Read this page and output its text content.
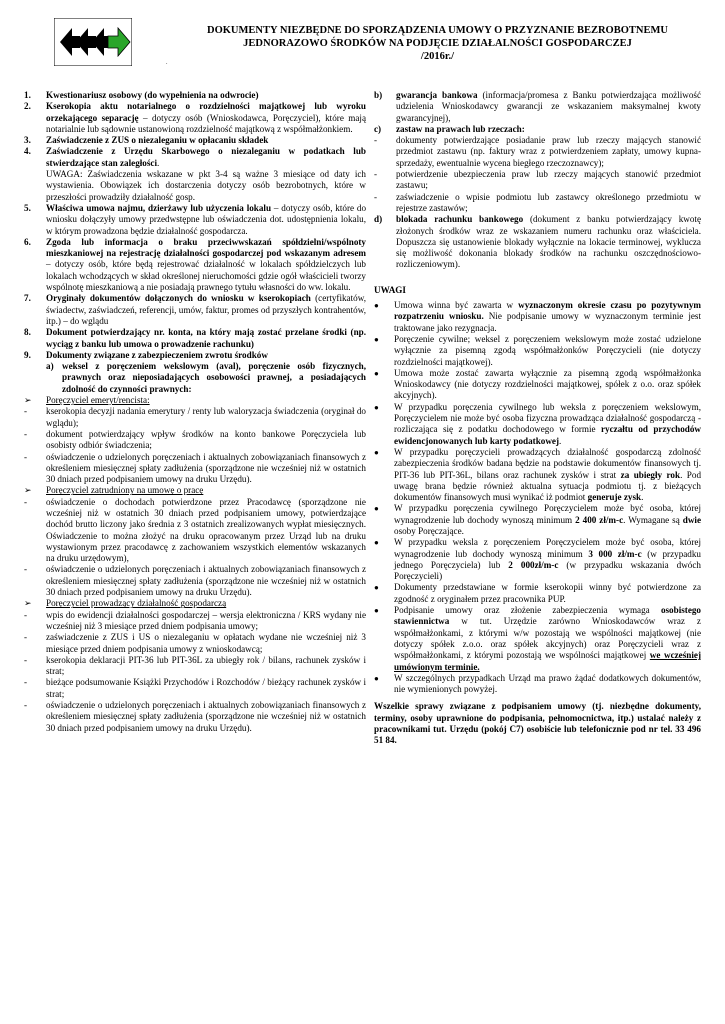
DOKUMENTY NIEZBĘDNE DO SPORZĄDZENIA UMOWY O PRZYZNANIE BEZROBOTNEMU
JEDNORAZOWO ŚRODKÓW NA PODJĘCIE DZIAŁALNOŚCI GOSPODARCZEJ
/2016r./
.
1.	Kwestionariusz osobowy (do wypełnienia na odwrocie)
2.	Kserokopia aktu notarialnego o rozdzielności majątkowej lub wyroku orzekającego separację – dotyczy osób (Wnioskodawca, Poręczyciel), które mają notarialnie lub sądownie ustanowioną rozdzielność majątkową z współmałżonkiem.
3.	Zaświadczenie z ZUS o niezaleganiu w opłacaniu składek
4.	Zaświadczenie z Urzędu Skarbowego o niezaleganiu w podatkach lub stwierdzające stan zaległości.
UWAGA: Zaświadczenia wskazane w pkt 3-4 są ważne 3 miesiące od daty ich wystawienia. Obowiązek ich dostarczenia dotyczy osób bezrobotnych, które w przeszłości prowadziły działalność gosp.
5.	Właściwa umowa najmu, dzierżawy lub użyczenia lokalu – dotyczy osób, które do wniosku dołączyły umowy przedwstępne lub oświadczenia dot. udostępnienia lokalu, w którym prowadzona będzie działalność gospodarcza.
6.	Zgoda lub informacja o braku przeciwwskazań spółdzielni/wspólnoty mieszkaniowej na rejestrację działalności gospodarczej pod wskazanym adresem – dotyczy osób, które będą rejestrować działalność w lokalach spółdzielczych lub lokalach wchodzących w skład określonej nieruchomości gdzie ogół właścicieli tworzy wspólnotę mieszkaniową a nie posiadają prawnego tytułu własności do ww. lokalu.
7.	Oryginały dokumentów dołączonych do wniosku w kserokopiach (certyfikatów, świadectw, zaświadczeń, referencji, umów, faktur, promes od przyszłych kontrahentów, itp.) – do wglądu
8.	Dokument potwierdzający nr. konta, na który mają zostać przelane środki (np. wyciąg z banku lub umowa o prowadzenie rachunku)
9.	Dokumenty związane z zabezpieczeniem zwrotu środków
a) weksel z poręczeniem wekslowym (aval), poręczenie osób fizycznych, prawnych oraz nieposiadających osobowości prawnej, a posiadających zdolność do czynności prawnych:
➢	Poręczyciel emeryt/rencista:
-	kserokopia decyzji nadania emerytury / renty lub waloryzacja świadczenia (oryginał do wglądu);
-	dokument potwierdzający wpływ środków na konto bankowe Poręczyciela lub osobisty odbiór świadczenia;
-	oświadczenie o udzielonych poręczeniach i aktualnych zobowiązaniach finansowych z określeniem miesięcznej spłaty zadłużenia (sporządzone nie wcześniej niż w ostatnich 30 dniach przed podpisaniem umowy na druku Urzędu).
➢	Poręczyciel zatrudniony na umowę o pracę
-	oświadczenie o dochodach potwierdzone przez Pracodawcę (sporządzone nie wcześniej niż w ostatnich 30 dniach przed podpisaniem umowy, potwierdzające dochód brutto liczony jako średnia z 3 ostatnich zrealizowanych wypłat miesięcznych. Oświadczenie to można złożyć na druku opracowanym przez Urząd lub na druku wystawionym przez pracodawcę z zachowaniem wszystkich elementów wskazanych na druku urzędowym),
-	oświadczenie o udzielonych poręczeniach i aktualnych zobowiązaniach finansowych z określeniem miesięcznej spłaty zadłużenia (sporządzone nie wcześniej niż w ostatnich 30 dniach przed podpisaniem umowy na druku Urzędu).
➢	Poręczyciel prowadzący działalność gospodarczą
-	wpis do ewidencji działalności gospodarczej – wersja elektroniczna / KRS wydany nie wcześniej niż 3 miesiące przed dniem podpisania umowy;
-	zaświadczenie z ZUS i US o niezaleganiu w opłatach wydane nie wcześniej niż 3 miesiące przed dniem podpisania umowy z wnioskodawcą;
-	kserokopia deklaracji PIT-36 lub PIT-36L za ubiegły rok / bilans, rachunek zysków i strat;
-	bieżące podsumowanie Książki Przychodów i Rozchodów / bieżący rachunek zysków i strat;
-	oświadczenie o udzielonych poręczeniach i aktualnych zobowiązaniach finansowych z określeniem miesięcznej spłaty zadłużenia (sporządzone nie wcześniej niż w ostatnich 30 dniach przed podpisaniem umowy na druku Urzędu).
b)	gwarancja bankowa (informacja/promesa z Banku potwierdzająca możliwość udzielenia Wnioskodawcy gwarancji ze wskazaniem maksymalnej kwoty gwarancyjnej),
c)	zastaw na prawach lub rzeczach:
-	dokumenty potwierdzające posiadanie praw lub rzeczy mających stanowić przedmiot zastawu (np. faktury wraz z potwierdzeniem zapłaty, umowy kupna-sprzedaży, ewentualnie wycena biegłego rzeczoznawcy);
-	potwierdzenie ubezpieczenia praw lub rzeczy mających stanowić przedmiot zastawu;
-	zaświadczenie o wpisie podmiotu lub zastawcy określonego przedmiotu w rejestrze zastawów;
d)	blokada rachunku bankowego (dokument z banku potwierdzający kwotę złożonych środków wraz ze wskazaniem numeru rachunku oraz właściciela. Dopuszcza się ustanowienie blokady wyłącznie na lokacie terminowej, wyklucza się możliwość dokonania blokady środków na rachunku oszczędnościowo-rozliczeniowym).
UWAGI
●	Umowa winna być zawarta w wyznaczonym okresie czasu po pozytywnym rozpatrzeniu wniosku. Nie podpisanie umowy w wyznaczonym terminie jest traktowane jako rezygnacja.
●	Poręczenie cywilne; weksel z poręczeniem wekslowym może zostać udzielone wyłącznie za pisemną zgodą współmałżonków Poręczycieli (nie dotyczy rozdzielności majątkowej).
●	Umowa może zostać zawarta wyłącznie za pisemną zgodą współmałżonka Wnioskodawcy (nie dotyczy rozdzielności majątkowej, spółek z o.o. oraz spółek akcyjnych).
●	W przypadku poręczenia cywilnego lub weksla z poręczeniem wekslowym, Poręczycielem nie może być osoba fizyczna prowadząca działalność gospodarczą - rozliczająca się z podatku dochodowego w formie ryczałtu od przychodów ewidencjonowanych lub karty podatkowej.
●	W przypadku poręczycieli prowadzących działalność gospodarczą zdolność zabezpieczenia środków badana będzie na podstawie dokumentów finansowych tj. PIT-36 lub PIT-36L, bilans oraz rachunek zysków i strat za ubiegły rok. Pod uwagę brana będzie również aktualna sytuacja podmiotu tj. z bieżących dokumentów finansowych musi wynikać iż podmiot generuje zysk.
●	W przypadku poręczenia cywilnego Poręczycielem może być osoba, której wynagrodzenie lub dochody wynoszą minimum 2 400 zł/m-c. Wymagane są dwie osoby Poręczające.
●	W przypadku weksla z poręczeniem Poręczycielem może być osoba, której wynagrodzenie lub dochody wynoszą minimum 3 000 zł/m-c (w przypadku jednego Poręczyciela) lub 2 000zł/m-c (w przypadku wskazania dwóch Poręczycieli)
●	Dokumenty przedstawiane w formie kserokopii winny być potwierdzone za zgodność z oryginałem przez pracownika PUP.
●	Podpisanie umowy oraz złożenie zabezpieczenia wymaga osobistego stawiennictwa w tut. Urzędzie zarówno Wnioskodawców wraz z współmałżonkami, z którymi w/w pozostają we wspólności majątkowej (nie dotyczy spółek z.o.o. oraz spółek akcyjnych) oraz Poręczycieli wraz z współmałżonkami, z którymi pozostają we wspólności majątkowej we wcześniej umówionym terminie.
●	W szczególnych przypadkach Urząd ma prawo żądać dodatkowych dokumentów, nie wymienionych powyżej.
Wszelkie sprawy związane z podpisaniem umowy (tj. niezbędne dokumenty, terminy, osoby uprawnione do podpisania, pełnomocnictwa, itp.) ustalać należy z pracownikami tut. Urzędu (pokój C7) osobiście lub telefonicznie pod nr tel. 33 496 51 84.
